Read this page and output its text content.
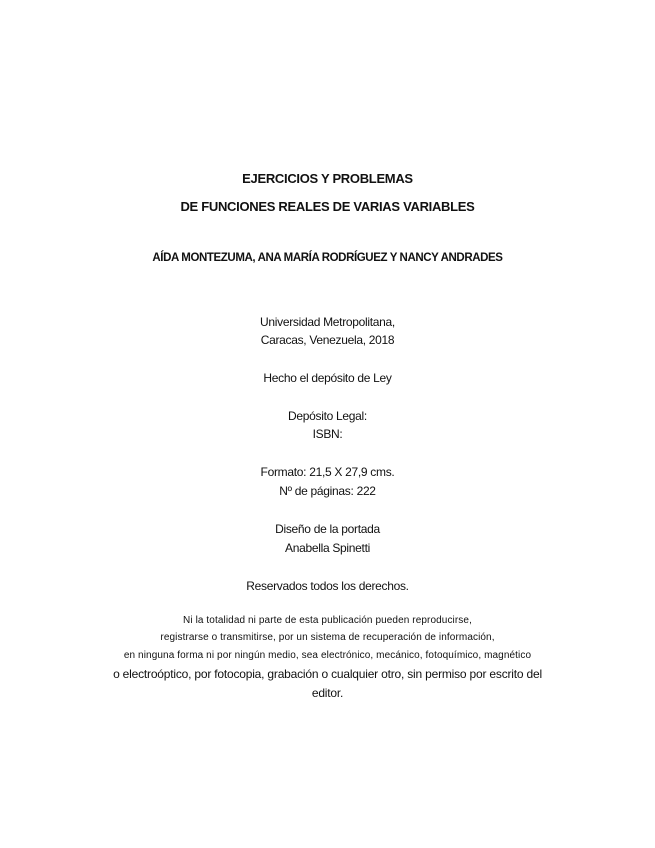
EJERCICIOS Y PROBLEMAS
DE FUNCIONES REALES DE VARIAS VARIABLES
AÍDA MONTEZUMA, ANA MARÍA RODRÍGUEZ Y NANCY ANDRADES
Universidad Metropolitana,
Caracas, Venezuela, 2018
Hecho el depósito de Ley
Depósito Legal:
ISBN:
Formato: 21,5 X 27,9 cms.
Nº de páginas: 222
Diseño de la portada
Anabella Spinetti
Reservados todos los derechos.
Ni la totalidad ni parte de esta publicación pueden reproducirse,
registrarse o transmitirse, por un sistema de recuperación de información,
en ninguna forma ni por ningún medio, sea electrónico, mecánico, fotoquímico, magnético
o electroóptico, por fotocopia, grabación o cualquier otro, sin permiso por escrito del
editor.
